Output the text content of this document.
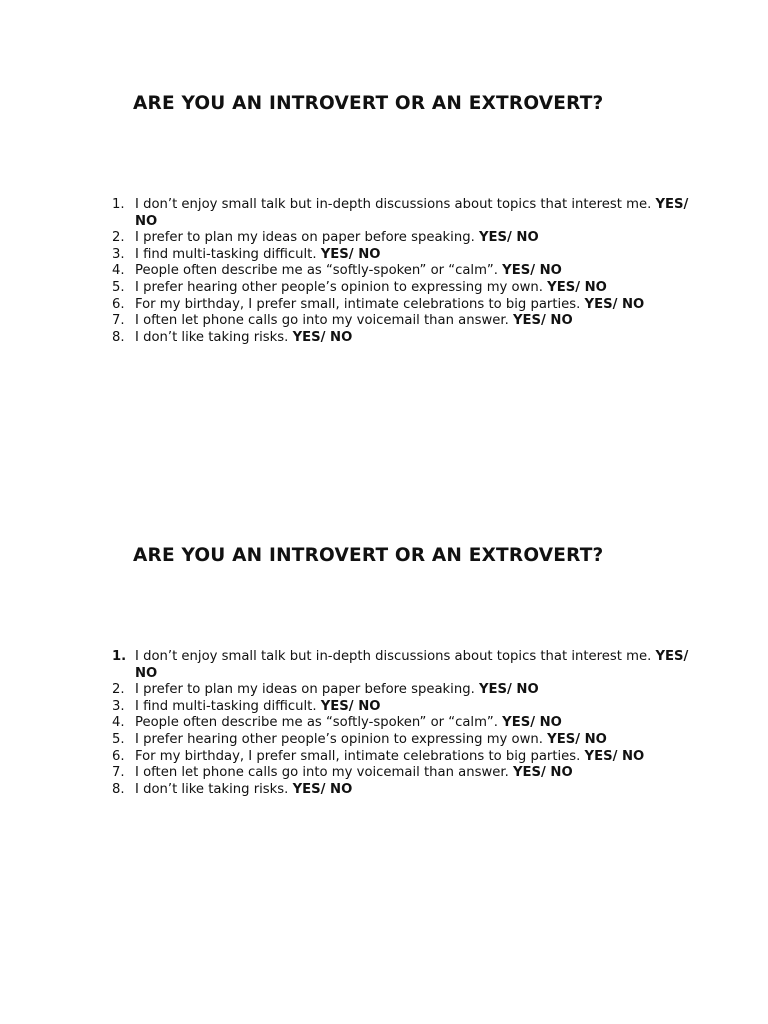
ARE YOU AN INTROVERT OR AN EXTROVERT?
1. I don’t enjoy small talk but in-depth discussions about topics that interest me. YES/ NO
2. I prefer to plan my ideas on paper before speaking. YES/ NO
3. I find multi-tasking difficult. YES/ NO
4. People often describe me as “softly-spoken” or “calm”. YES/ NO
5. I prefer hearing other people’s opinion to expressing my own. YES/ NO
6. For my birthday, I prefer small, intimate celebrations to big parties. YES/ NO
7. I often let phone calls go into my voicemail than answer. YES/ NO
8. I don’t like taking risks. YES/ NO
ARE YOU AN INTROVERT OR AN EXTROVERT?
1. I don’t enjoy small talk but in-depth discussions about topics that interest me. YES/ NO
2. I prefer to plan my ideas on paper before speaking. YES/ NO
3. I find multi-tasking difficult. YES/ NO
4. People often describe me as “softly-spoken” or “calm”. YES/ NO
5. I prefer hearing other people’s opinion to expressing my own. YES/ NO
6. For my birthday, I prefer small, intimate celebrations to big parties. YES/ NO
7. I often let phone calls go into my voicemail than answer. YES/ NO
8. I don’t like taking risks. YES/ NO
